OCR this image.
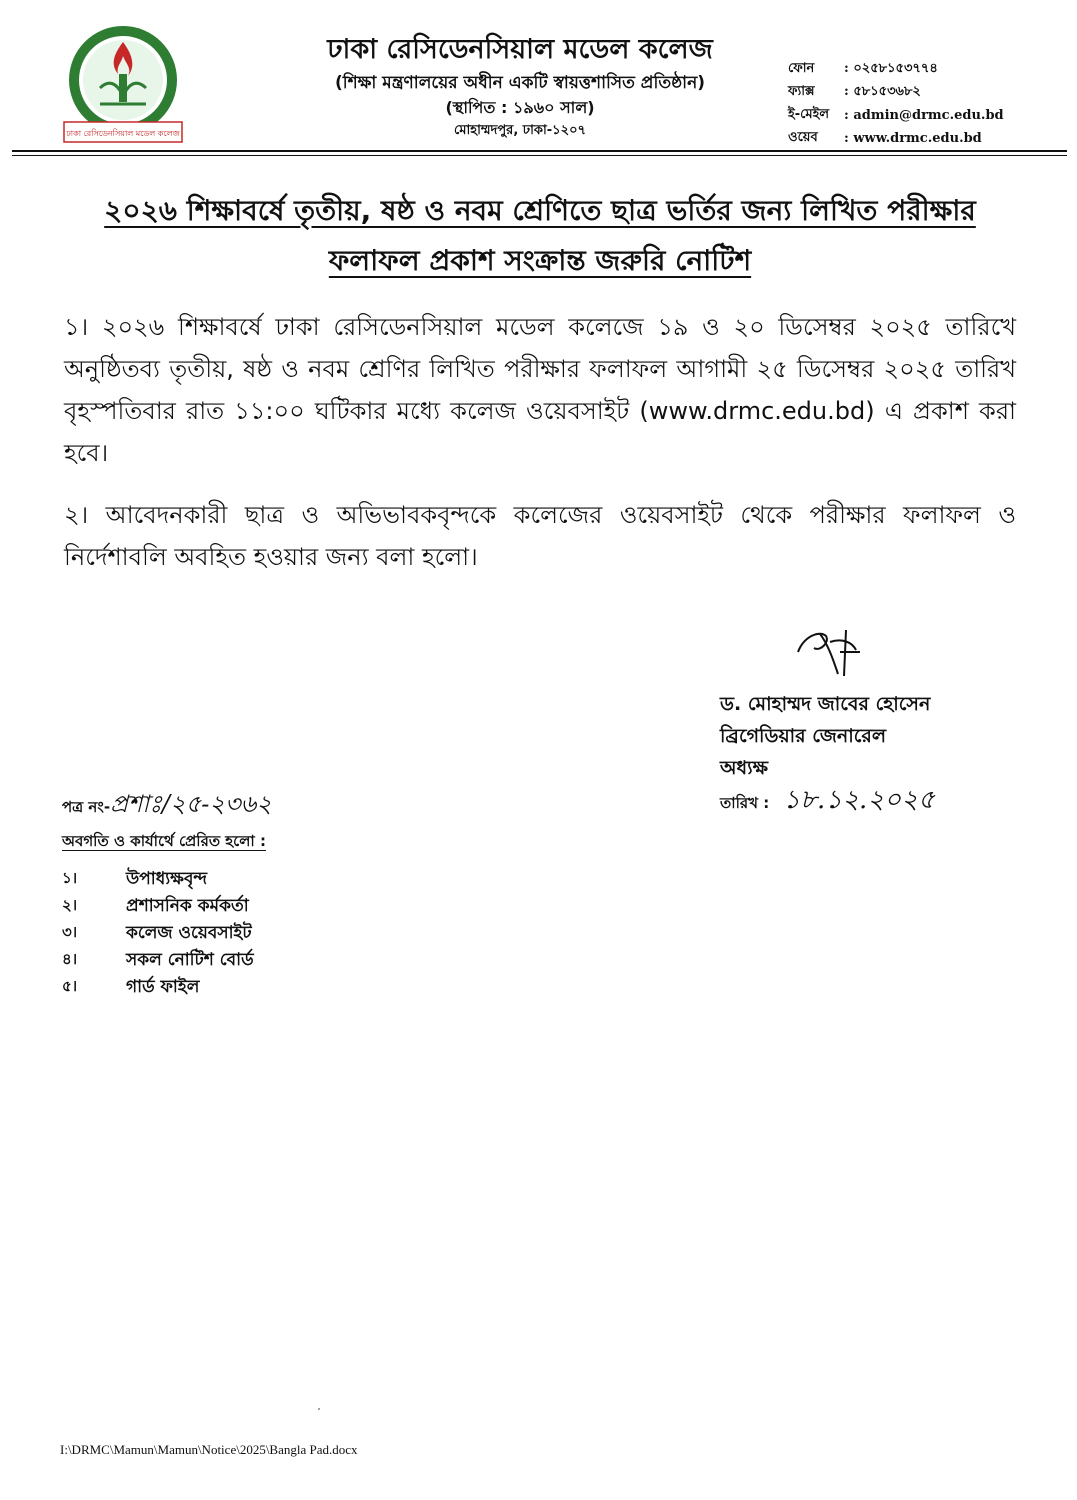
ঢাকা রেসিডেনসিয়াল মডেল কলেজ
ঢাকা রেসিডেনসিয়াল মডেল কলেজ
(শিক্ষা মন্ত্রণালয়ের অধীন একটি স্বায়ত্তশাসিত প্রতিষ্ঠান)
(স্থাপিত : ১৯৬০ সাল)
মোহাম্মদপুর, ঢাকা-১২০৭
ফোন	: ০২৫৮১৫৩৭৭৪
ফ্যাক্স	: ৫৮১৫৩৬৮২
ই-মেইল	: admin@drmc.edu.bd
ওয়েব	: www.drmc.edu.bd
২০২৬ শিক্ষাবর্ষে তৃতীয়, ষষ্ঠ ও নবম শ্রেণিতে ছাত্র ভর্তির জন্য লিখিত পরীক্ষার
ফলাফল প্রকাশ সংক্রান্ত জরুরি নোটিশ

১। ২০২৬ শিক্ষাবর্ষে ঢাকা রেসিডেনসিয়াল মডেল কলেজে ১৯ ও ২০ ডিসেম্বর ২০২৫ তারিখে অনুষ্ঠিতব্য তৃতীয়, ষষ্ঠ ও নবম শ্রেণির লিখিত পরীক্ষার ফলাফল আগামী ২৫ ডিসেম্বর ২০২৫ তারিখ বৃহস্পতিবার রাত ১১:০০ ঘটিকার মধ্যে কলেজ ওয়েবসাইট (www.drmc.edu.bd) এ প্রকাশ করা হবে।

২। আবেদনকারী ছাত্র ও অভিভাবকবৃন্দকে কলেজের ওয়েবসাইট থেকে পরীক্ষার ফলাফল ও নির্দেশাবলি অবহিত হওয়ার জন্য বলা হলো।

ড. মোহাম্মদ জাবের হোসেন
ব্রিগেডিয়ার জেনারেল
অধ্যক্ষ
তারিখ : ১৮.১২.২০২৫
পত্র নং- প্রশাঃ/২৫-২৩৬২
অবগতি ও কার্যার্থে প্রেরিত হলো :
১।	উপাধ্যক্ষবৃন্দ
২।	প্রশাসনিক কর্মকর্তা
৩।	কলেজ ওয়েবসাইট
৪।	সকল নোটিশ বোর্ড
৫।	গার্ড ফাইল
I:\DRMC\Mamun\Mamun\Notice\2025\Bangla Pad.docx
